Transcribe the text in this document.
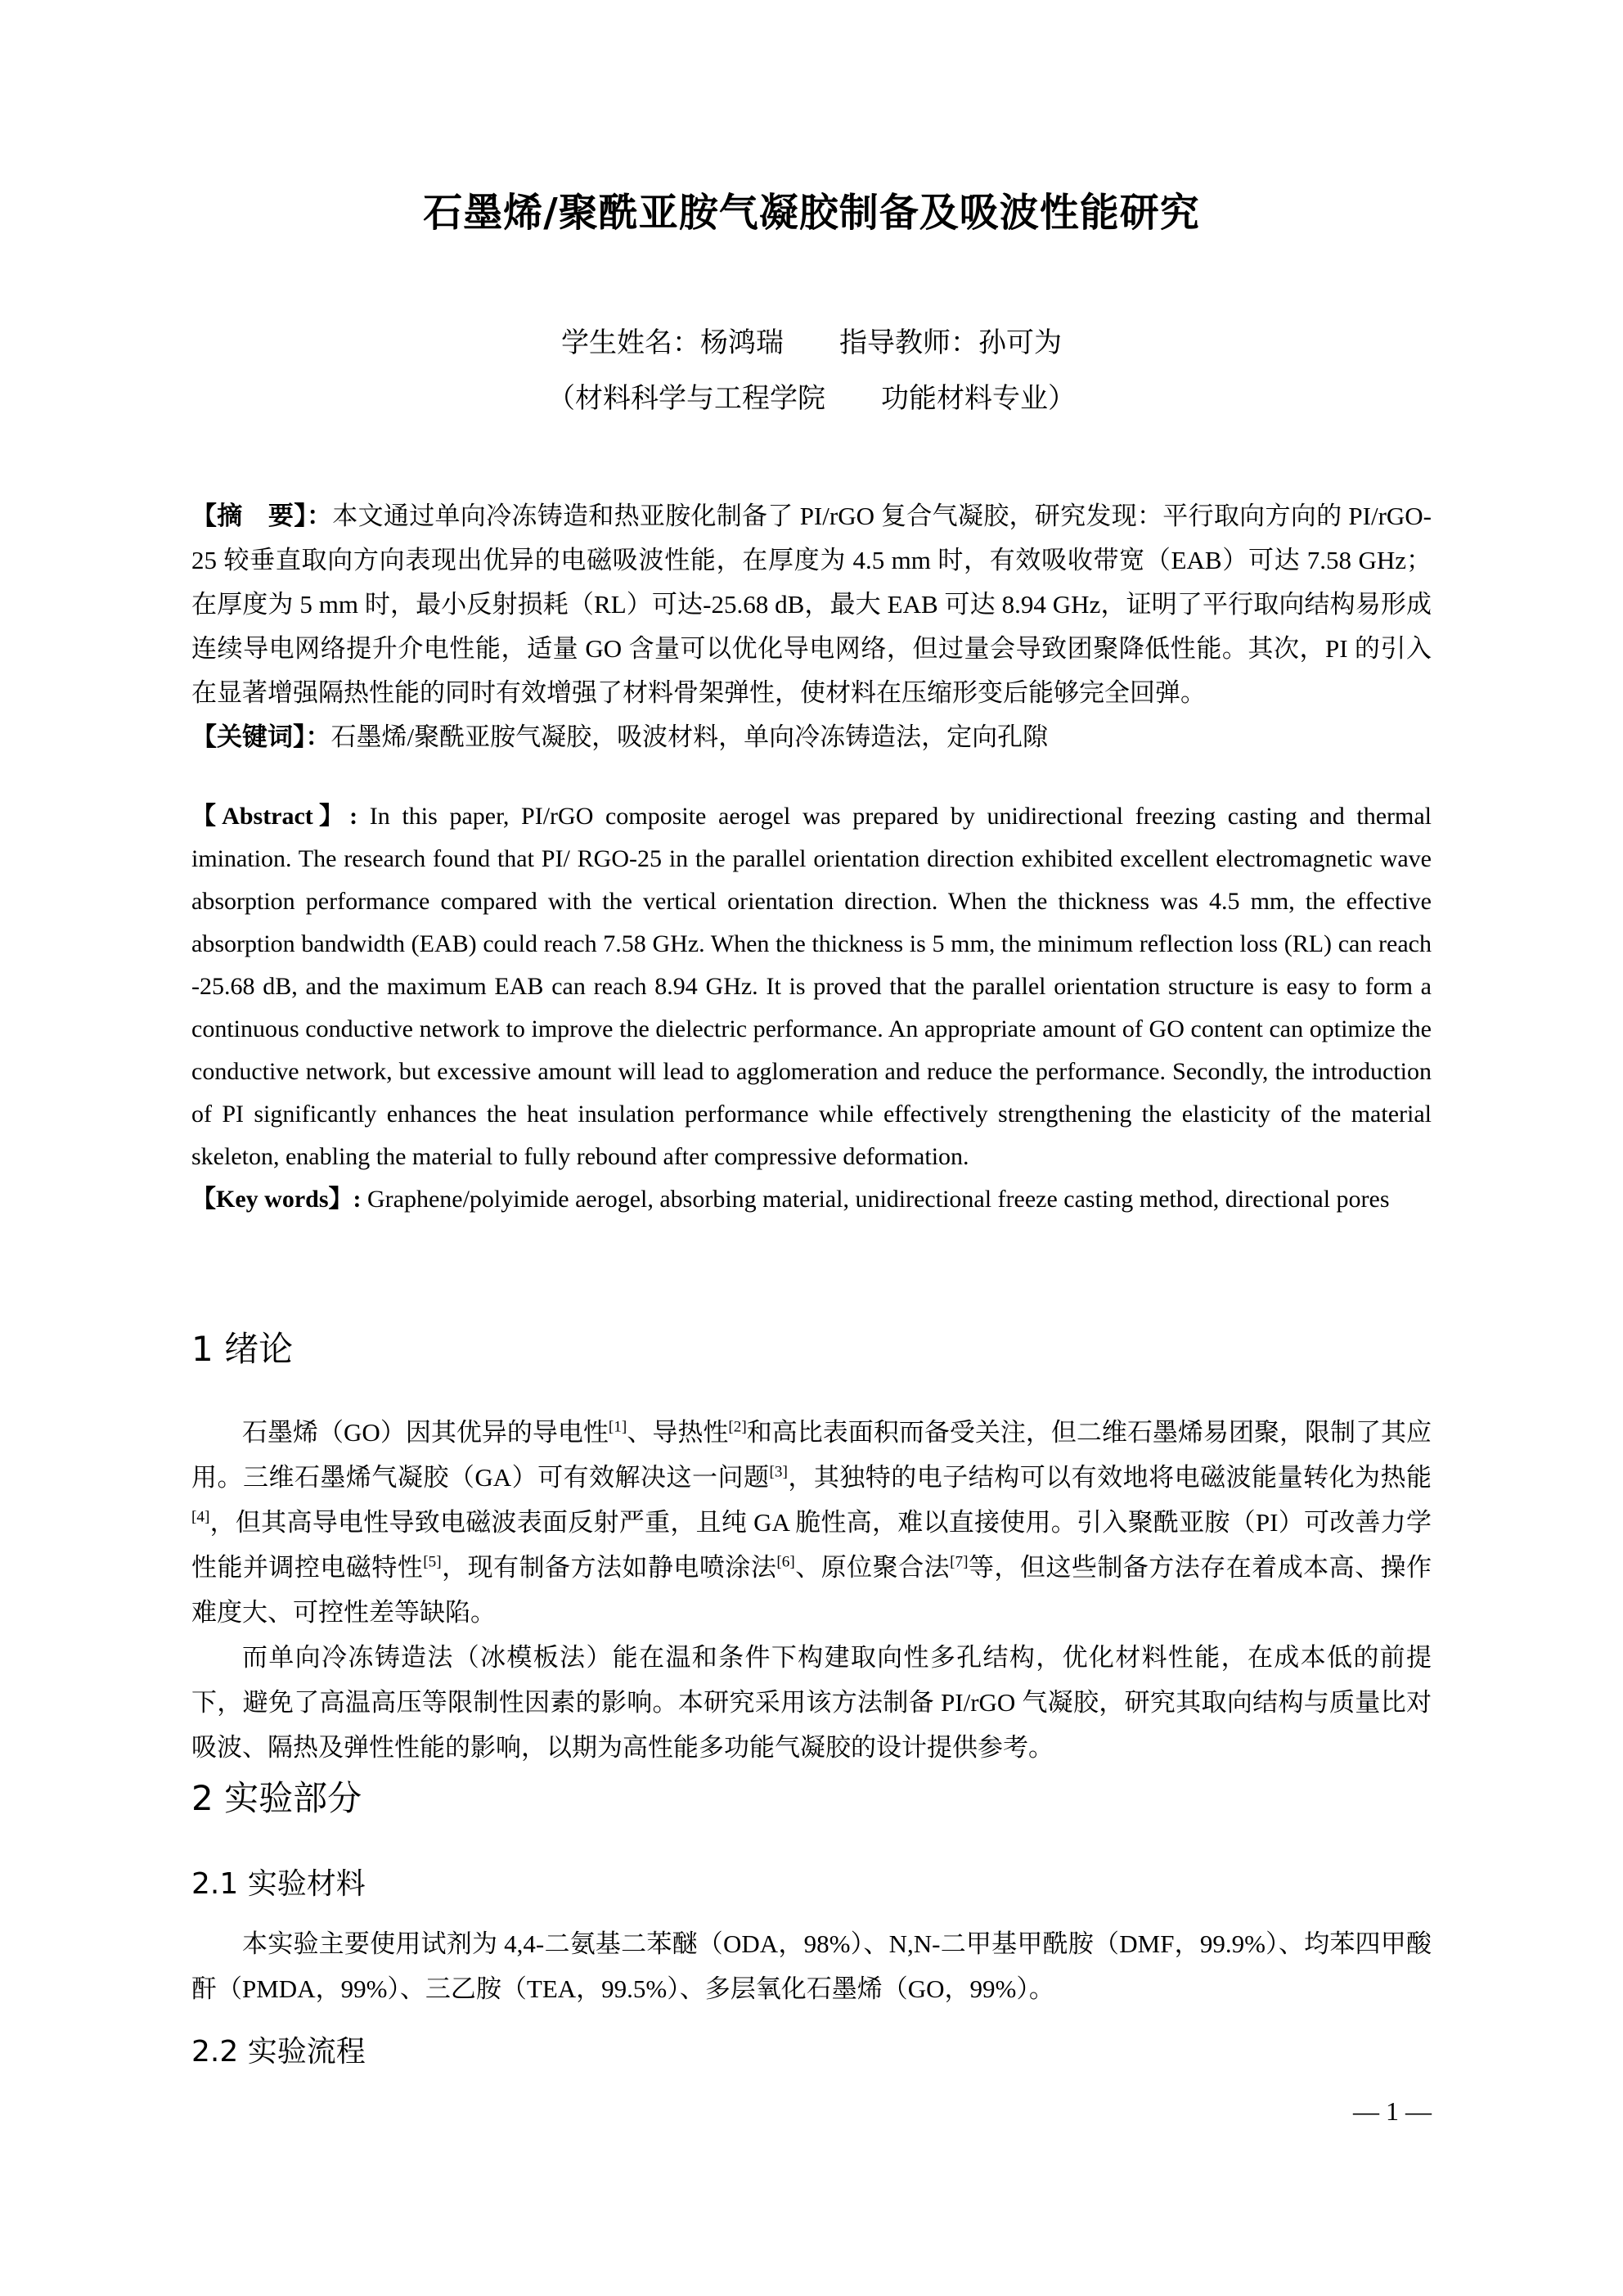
石墨烯/聚酰亚胺气凝胶制备及吸波性能研究
学生姓名：杨鸿瑞　　指导教师：孙可为
（材料科学与工程学院　　功能材料专业）

【摘　要】：本文通过单向冷冻铸造和热亚胺化制备了 PI/rGO 复合气凝胶，研究发现：平行取向方向的 PI/rGO-25 较垂直取向方向表现出优异的电磁吸波性能，在厚度为 4.5 mm 时，有效吸收带宽（EAB）可达 7.58 GHz；在厚度为 5 mm 时，最小反射损耗（RL）可达-25.68 dB，最大 EAB 可达 8.94 GHz，证明了平行取向结构易形成连续导电网络提升介电性能，适量 GO 含量可以优化导电网络，但过量会导致团聚降低性能。其次，PI 的引入在显著增强隔热性能的同时有效增强了材料骨架弹性，使材料在压缩形变后能够完全回弹。

【关键词】：石墨烯/聚酰亚胺气凝胶，吸波材料，单向冷冻铸造法，定向孔隙

【Abstract】: In this paper, PI/rGO composite aerogel was prepared by unidirectional freezing casting and thermal imination. The research found that PI/ RGO-25 in the parallel orientation direction exhibited excellent electromagnetic wave absorption performance compared with the vertical orientation direction. When the thickness was 4.5 mm, the effective absorption bandwidth (EAB) could reach 7.58 GHz. When the thickness is 5 mm, the minimum reflection loss (RL) can reach -25.68 dB, and the maximum EAB can reach 8.94 GHz. It is proved that the parallel orientation structure is easy to form a continuous conductive network to improve the dielectric performance. An appropriate amount of GO content can optimize the conductive network, but excessive amount will lead to agglomeration and reduce the performance. Secondly, the introduction of PI significantly enhances the heat insulation performance while effectively strengthening the elasticity of the material skeleton, enabling the material to fully rebound after compressive deformation.

【Key words】: Graphene/polyimide aerogel, absorbing material, unidirectional freeze casting method, directional pores

1 绪论

石墨烯（GO）因其优异的导电性[1]、导热性[2]和高比表面积而备受关注，但二维石墨烯易团聚，限制了其应用。三维石墨烯气凝胶（GA）可有效解决这一问题[3]，其独特的电子结构可以有效地将电磁波能量转化为热能[4]，但其高导电性导致电磁波表面反射严重，且纯 GA 脆性高，难以直接使用。引入聚酰亚胺（PI）可改善力学性能并调控电磁特性[5]，现有制备方法如静电喷涂法[6]、原位聚合法[7]等，但这些制备方法存在着成本高、操作难度大、可控性差等缺陷。

而单向冷冻铸造法（冰模板法）能在温和条件下构建取向性多孔结构，优化材料性能，在成本低的前提下，避免了高温高压等限制性因素的影响。本研究采用该方法制备 PI/rGO 气凝胶，研究其取向结构与质量比对吸波、隔热及弹性性能的影响，以期为高性能多功能气凝胶的设计提供参考。

2 实验部分
2.1 实验材料

本实验主要使用试剂为 4,4-二氨基二苯醚（ODA，98%）、N,N-二甲基甲酰胺（DMF，99.9%）、均苯四甲酸酐（PMDA，99%）、三乙胺（TEA，99.5%）、多层氧化石墨烯（GO，99%）。

2.2 实验流程
— 1 —
